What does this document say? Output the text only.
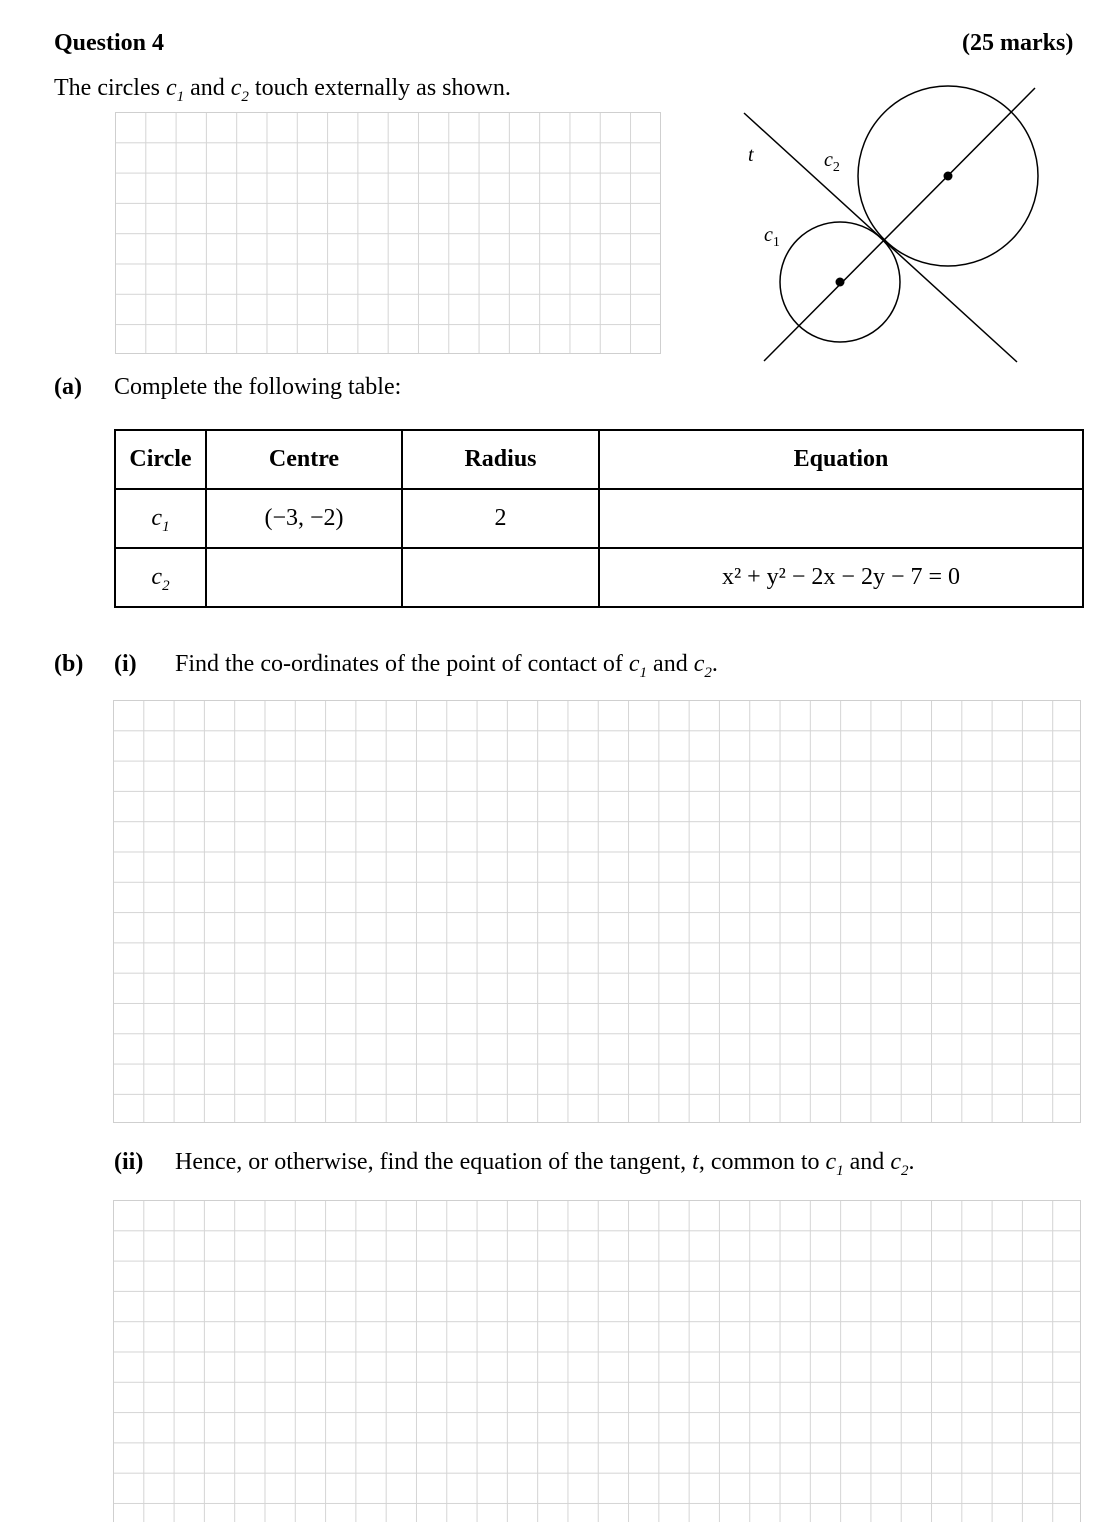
Question 4	(25 marks)
The circles $c_1$ and $c_2$ touch externally as shown.
t	$c_2$
$c_1$
(a) Complete the following table:
Circle	Centre	Radius	Equation
$c_1$	(−3, −2)	2	
$c_2$			x² + y² − 2x − 2y − 7 = 0
(b) (i) Find the co-ordinates of the point of contact of $c_1$ and $c_2$.
(ii) Hence, or otherwise, find the equation of the tangent, t, common to $c_1$ and $c_2$.
